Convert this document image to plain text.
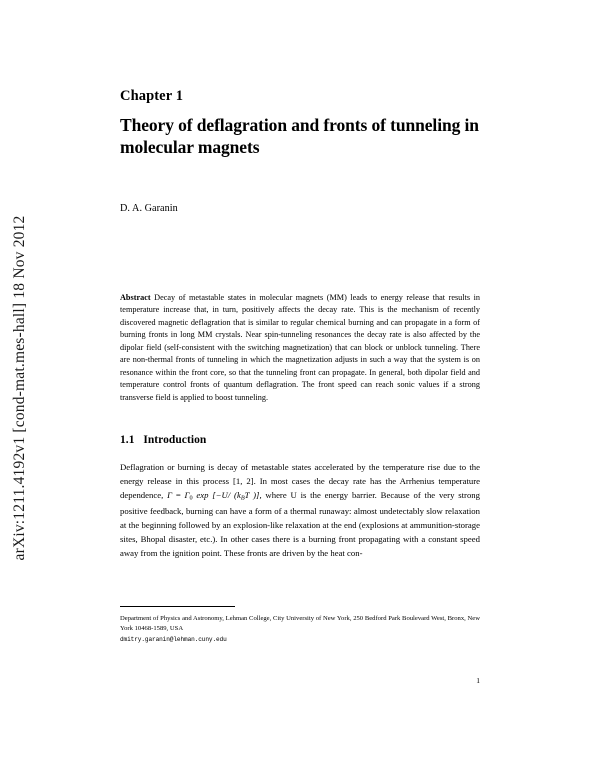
arXiv:1211.4192v1 [cond-mat.mes-hall] 18 Nov 2012
Chapter 1
Theory of deflagration and fronts of tunneling in molecular magnets
D. A. Garanin
Abstract Decay of metastable states in molecular magnets (MM) leads to energy release that results in temperature increase that, in turn, positively affects the decay rate. This is the mechanism of recently discovered magnetic deflagration that is similar to regular chemical burning and can propagate in a form of burning fronts in long MM crystals. Near spin-tunneling resonances the decay rate is also affected by the dipolar field (self-consistent with the switching magnetization) that can block or unblock tunneling. There are non-thermal fronts of tunneling in which the magnetization adjusts in such a way that the system is on resonance within the front core, so that the tunneling front can propagate. In general, both dipolar field and temperature control fronts of quantum deflagration. The front speed can reach sonic values if a strong transverse field is applied to boost tunneling.
1.1 Introduction
Deflagration or burning is decay of metastable states accelerated by the temperature rise due to the energy release in this process [1, 2]. In most cases the decay rate has the Arrhenius temperature dependence, $\Gamma = \Gamma_0$ exp [−U/ ($k_BT$ )], where U is the energy barrier. Because of the very strong positive feedback, burning can have a form of a thermal runaway: almost undetectably slow relaxation at the beginning followed by an explosion-like relaxation at the end (explosions at ammunition-storage sites, Bhopal disaster, etc.). In other cases there is a burning front propagating with a constant speed away from the ignition point. These fronts are driven by the heat con-
Department of Physics and Astronomy, Lehman College, City University of New York, 250 Bedford Park Boulevard West, Bronx, New York 10468-1589, USA
dmitry.garanin@lehman.cuny.edu
1
